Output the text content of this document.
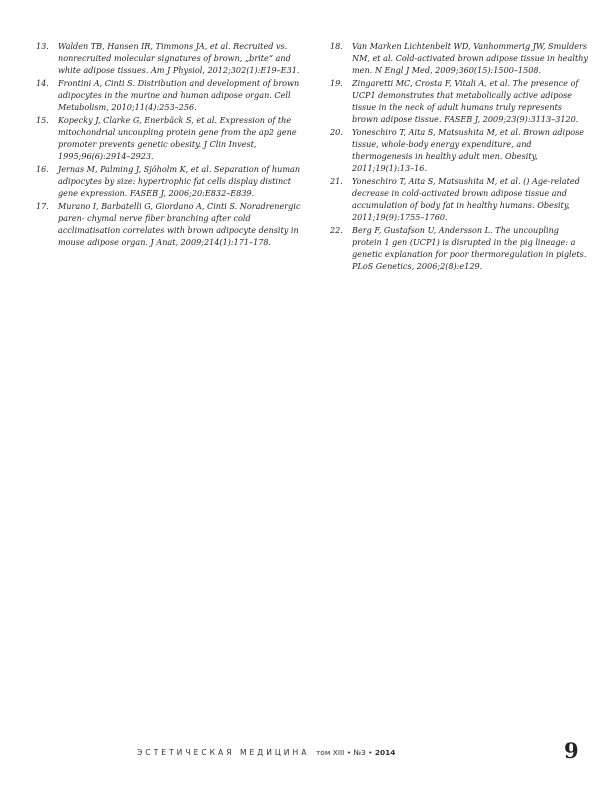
13. Walden TB, Hansen IR, Timmons JA, et al. Recruited vs. nonrecruited molecular signatures of brown, „brite“ and white adipose tissues. Am J Physiol, 2012;302(1):E19–E31.
14. Frontini A, Cinti S. Distribution and development of brown adipocytes in the murine and human adipose organ. Cell Metabolism, 2010;11(4):253–256.
15. Kopecky J, Clarke G, Enerbäck S, et al. Expression of the mitochondrial uncoupling protein gene from the ap2 gene promoter prevents genetic obesity. J Clin Invest, 1995;96(6):2914–2923.
16. Jernas M, Palming J, Sjöholm K, et al. Separation of human adipocytes by size: hypertrophic fat cells display distinct gene expression. FASEB J, 2006;20:E832–E839.
17. Murano I, Barbatelli G, Giordano A, Cinti S. Noradrenergic paren- chymal nerve fiber branching after cold acclimatisation correlates with brown adipocyte density in mouse adipose organ. J Anat, 2009;214(1):171–178.
18. Van Marken Lichtenbelt WD, Vanhommerig JW, Smulders NM, et al. Cold-activated brown adipose tissue in healthy men. N Engl J Med, 2009;360(15):1500–1508.
19. Zingaretti MC, Crosta F, Vitali A, et al. The presence of UCP1 demonstrates that metabolically active adipose tissue in the neck of adult humans truly represents brown adipose tissue. FASEB J, 2009;23(9):3113–3120.
20. Yoneschiro T, Aita S, Matsushita M, et al. Brown adipose tissue, whole-body energy expenditure, and thermogenesis in healthy adult men. Obesity, 2011;19(1):13–16.
21. Yoneschiro T, Aita S, Matsushita M, et al. () Age-related decrease in cold-activated brown adipose tissue and accumulation of body fat in healthy humans. Obesity, 2011;19(9):1755–1760.
22. Berg F, Gustafson U, Andersson L. The uncoupling protein 1 gen (UCP1) is disrupted in the pig lineage: a genetic explanation for poor thermoregulation in piglets. PLoS Genetics, 2006;2(8):e129.
ЭСТЕТИЧЕСКАЯ МЕДИЦИНА том XIII • №3 • 2014	9
